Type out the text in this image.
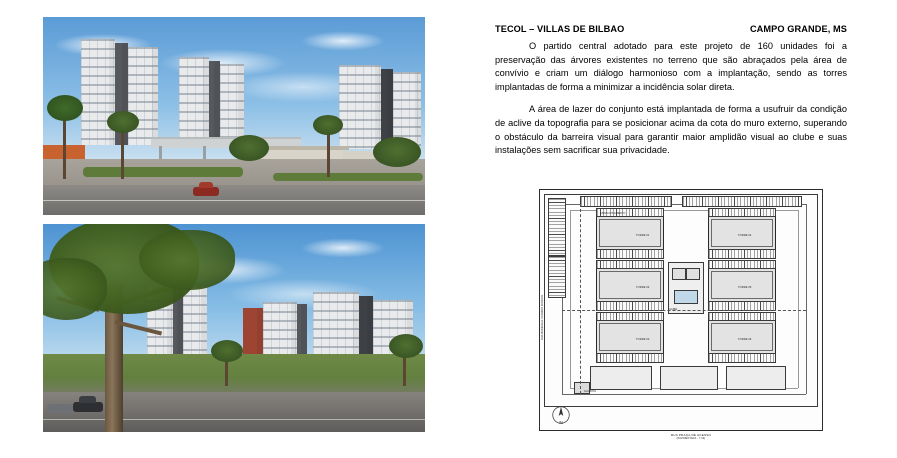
TECOL – VILLAS DE BILBAO	CAMPO GRANDE, MS

O partido central adotado para este projeto de 160 unidades foi a preservação das árvores existentes no terreno que são abraçados pela área de convívio e criam um diálogo harmonioso com a implantação, sendo as torres implantadas de forma a minimizar a incidência solar direta.

A área de lazer do conjunto está implantada de forma a usufruir da condição de aclive da topografia para se posicionar acima da cota do muro externo, superando o obstáculo da barreira visual para garantir maior amplidão visual ao clube e suas instalações sem sacrificar sua privacidade.

RUA MARECHAL CANDIDO RONDON
N
TORRE 01
TORRE 02
TORRE 03
TORRE 04
TORRE 05
TORRE 06
CLUBE
GUARITA
ESTACIONAMENTO
RUA PRAÇA DE ACESSO
(PAVIMENTADA - 7,00)
